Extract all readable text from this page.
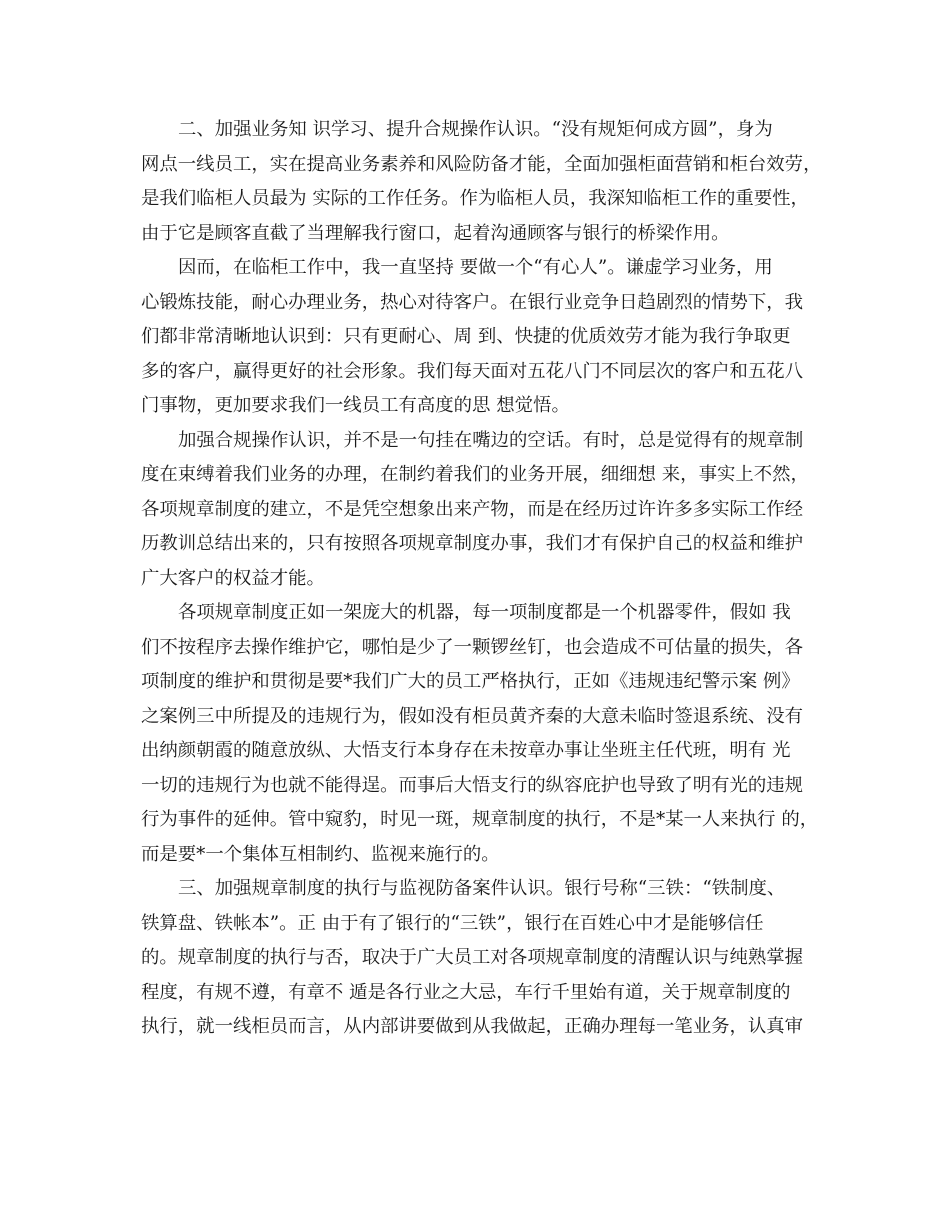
二、加强业务知 识学习、提升合规操作认识。“没有规矩何成方圆”，身为
网点一线员工，实在提高业务素养和风险防备才能，全面加强柜面营销和柜台效劳，
是我们临柜人员最为 实际的工作任务。作为临柜人员，我深知临柜工作的重要性，
由于它是顾客直截了当理解我行窗口，起着沟通顾客与银行的桥梁作用。
因而，在临柜工作中，我一直坚持 要做一个“有心人”。谦虚学习业务，用
心锻炼技能，耐心办理业务，热心对待客户。在银行业竞争日趋剧烈的情势下，我
们都非常清晰地认识到：只有更耐心、周 到、快捷的优质效劳才能为我行争取更
多的客户，赢得更好的社会形象。我们每天面对五花八门不同层次的客户和五花八
门事物，更加要求我们一线员工有高度的思 想觉悟。
加强合规操作认识，并不是一句挂在嘴边的空话。有时，总是觉得有的规章制
度在束缚着我们业务的办理，在制约着我们的业务开展，细细想 来，事实上不然，
各项规章制度的建立，不是凭空想象出来产物，而是在经历过许许多多实际工作经
历教训总结出来的，只有按照各项规章制度办事，我们才有保护自己的权益和维护
广大客户的权益才能。
各项规章制度正如一架庞大的机器，每一项制度都是一个机器零件，假如 我
们不按程序去操作维护它，哪怕是少了一颗锣丝钉，也会造成不可估量的损失，各
项制度的维护和贯彻是要*我们广大的员工严格执行，正如《违规违纪警示案 例》
之案例三中所提及的违规行为，假如没有柜员黄齐秦的大意未临时签退系统、没有
出纳颜朝霞的随意放纵、大悟支行本身存在未按章办事让坐班主任代班，明有 光
一切的违规行为也就不能得逞。而事后大悟支行的纵容庇护也导致了明有光的违规
行为事件的延伸。管中窥豹，时见一斑，规章制度的执行，不是*某一人来执行 的，
而是要*一个集体互相制约、监视来施行的。
三、加强规章制度的执行与监视防备案件认识。银行号称“三铁：“铁制度、
铁算盘、铁帐本”。正 由于有了银行的“三铁”，银行在百姓心中才是能够信任
的。规章制度的执行与否，取决于广大员工对各项规章制度的清醒认识与纯熟掌握
程度，有规不遵，有章不 遁是各行业之大忌，车行千里始有道，关于规章制度的
执行，就一线柜员而言，从内部讲要做到从我做起，正确办理每一笔业务，认真审
